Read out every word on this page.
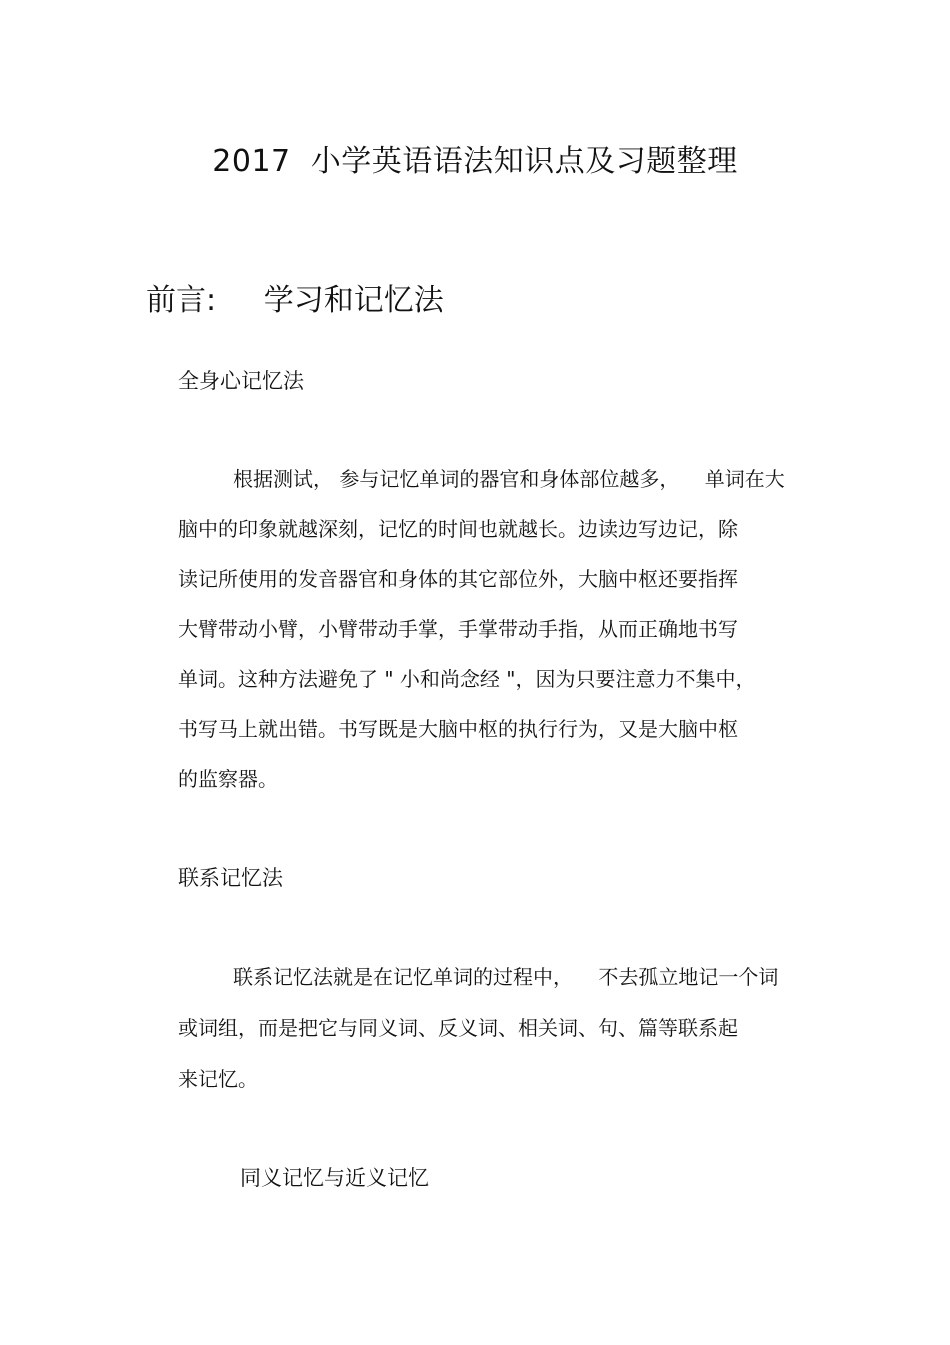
2017  小学英语语法知识点及习题整理
前言:     学习和记忆法
全身心记忆法
根据测试， 参与记忆单词的器官和身体部位越多，    单词在大
脑中的印象就越深刻，记忆的时间也就越长。边读边写边记，除
读记所使用的发音器官和身体的其它部位外，大脑中枢还要指挥
大臂带动小臂，小臂带动手掌，手掌带动手指，从而正确地书写
单词。这种方法避免了 " 小和尚念经 "，因为只要注意力不集中，
书写马上就出错。书写既是大脑中枢的执行行为，又是大脑中枢
的监察器。
联系记忆法
联系记忆法就是在记忆单词的过程中，    不去孤立地记一个词
或词组，而是把它与同义词、反义词、相关词、句、篇等联系起
来记忆。
同义记忆与近义记忆
